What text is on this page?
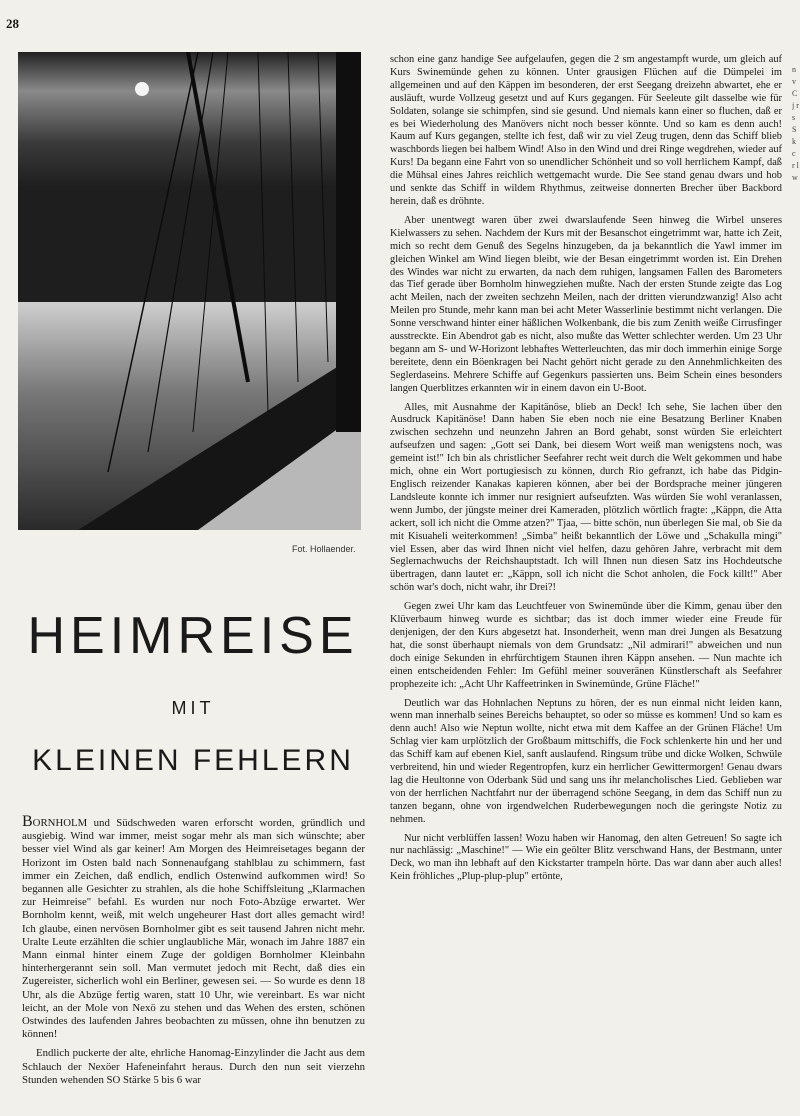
28
Fot. Hollaender.
HEIMREISE
MIT
KLEINEN FEHLERN

BORNHOLM und Südschweden waren erforscht worden, gründlich und ausgiebig. Wind war immer, meist sogar mehr als man sich wünschte; aber besser viel Wind als gar keiner! Am Morgen des Heimreisetages begann der Horizont im Osten bald nach Sonnenaufgang stahlblau zu schimmern, fast immer ein Zeichen, daß endlich, endlich Ostenwind aufkommen wird! So begannen alle Gesichter zu strahlen, als die hohe Schiffsleitung „Klarmachen zur Heimreise" befahl. Es wurden nur noch Foto-Abzüge erwartet. Wer Bornholm kennt, weiß, mit welch ungeheurer Hast dort alles gemacht wird! Ich glaube, einen nervösen Bornholmer gibt es seit tausend Jahren nicht mehr. Uralte Leute erzählten die schier unglaubliche Mär, wonach im Jahre 1887 ein Mann einmal hinter einem Zuge der goldigen Bornholmer Kleinbahn hinterhergerannt sein soll. Man vermutet jedoch mit Recht, daß dies ein Zugereister, sicherlich wohl ein Berliner, gewesen sei. — So wurde es denn 18 Uhr, als die Abzüge fertig waren, statt 10 Uhr, wie vereinbart. Es war nicht leicht, an der Mole von Nexö zu stehen und das Wehen des ersten, schönen Ostwindes des laufenden Jahres beobachten zu müssen, ohne ihn benutzen zu können!

Endlich puckerte der alte, ehrliche Hanomag-Einzylinder die Jacht aus dem Schlauch der Nexöer Hafeneinfahrt heraus. Durch den nun seit vierzehn Stunden wehenden SO Stärke 5 bis 6 war

schon eine ganz handige See aufgelaufen, gegen die 2 sm angestampft wurde, um gleich auf Kurs Swinemünde gehen zu können. Unter grausigen Flüchen auf die Dümpelei im allgemeinen und auf den Käppen im besonderen, der erst Seegang dreizehn abwartet, ehe er ausläuft, wurde Vollzeug gesetzt und auf Kurs gegangen. Für Seeleute gilt dasselbe wie für Soldaten, solange sie schimpfen, sind sie gesund. Und niemals kann einer so fluchen, daß er es bei Wiederholung des Manövers nicht noch besser könnte. Und so kam es denn auch! Kaum auf Kurs gegangen, stellte ich fest, daß wir zu viel Zeug trugen, denn das Schiff blieb waschbords liegen bei halbem Wind! Also in den Wind und drei Ringe wegdrehen, wieder auf Kurs! Da begann eine Fahrt von so unendlicher Schönheit und so voll herrlichem Kampf, daß die Mühsal eines Jahres reichlich wettgemacht wurde. Die See stand genau dwars und hob und senkte das Schiff in wildem Rhythmus, zeitweise donnerten Brecher über Backbord herein, daß es dröhnte.

Aber unentwegt waren über zwei dwarslaufende Seen hinweg die Wirbel unseres Kielwassers zu sehen. Nachdem der Kurs mit der Besanschot eingetrimmt war, hatte ich Zeit, mich so recht dem Genuß des Segelns hinzugeben, da ja bekanntlich die Yawl immer im gleichen Winkel am Wind liegen bleibt, wie der Besan eingetrimmt worden ist. Ein Drehen des Windes war nicht zu erwarten, da nach dem ruhigen, langsamen Fallen des Barometers das Tief gerade über Bornholm hinwegziehen mußte. Nach der ersten Stunde zeigte das Log acht Meilen, nach der zweiten sechzehn Meilen, nach der dritten vierundzwanzig! Also acht Meilen pro Stunde, mehr kann man bei acht Meter Wasserlinie bestimmt nicht verlangen. Die Sonne verschwand hinter einer häßlichen Wolkenbank, die bis zum Zenith weiße Cirrusfinger ausstreckte. Ein Abendrot gab es nicht, also mußte das Wetter schlechter werden. Um 23 Uhr begann am S- und W-Horizont lebhaftes Wetterleuchten, das mir doch immerhin einige Sorge bereitete, denn ein Böenkragen bei Nacht gehört nicht gerade zu den Annehmlichkeiten des Seglerdaseins. Mehrere Schiffe auf Gegenkurs passierten uns. Beim Schein eines besonders langen Querblitzes erkannten wir in einem davon ein U-Boot.

Alles, mit Ausnahme der Kapitänöse, blieb an Deck! Ich sehe, Sie lachen über den Ausdruck Kapitänöse! Dann haben Sie eben noch nie eine Besatzung Berliner Knaben zwischen sechzehn und neunzehn Jahren an Bord gehabt, sonst würden Sie erleichtert aufseufzen und sagen: „Gott sei Dank, bei diesem Wort weiß man wenigstens noch, was gemeint ist!" Ich bin als christlicher Seefahrer recht weit durch die Welt gekommen und habe mich, ohne ein Wort portugiesisch zu können, durch Rio gefranzt, ich habe das Pidgin-Englisch reizender Kanakas kapieren können, aber bei der Bordsprache meiner jüngeren Landsleute konnte ich immer nur resigniert aufseufzten. Was würden Sie wohl veranlassen, wenn Jumbo, der jüngste meiner drei Kameraden, plötzlich wörtlich fragte: „Käppn, die Atta ackert, soll ich nicht die Omme atzen?" Tjaa, — bitte schön, nun überlegen Sie mal, ob Sie da mit Kisuaheli weiterkommen! „Simba" heißt bekanntlich der Löwe und „Schakulla mingi" viel Essen, aber das wird Ihnen nicht viel helfen, dazu gehören Jahre, verbracht mit dem Seglernachwuchs der Reichshauptstadt. Ich will Ihnen nun diesen Satz ins Hochdeutsche übertragen, dann lautet er: „Käppn, soll ich nicht die Schot anholen, die Fock killt!" Aber schön war's doch, nicht wahr, ihr Drei?!

Gegen zwei Uhr kam das Leuchtfeuer von Swinemünde über die Kimm, genau über den Klüverbaum hinweg wurde es sichtbar; das ist doch immer wieder eine Freude für denjenigen, der den Kurs abgesetzt hat. Insonderheit, wenn man drei Jungen als Besatzung hat, die sonst überhaupt niemals von dem Grundsatz: „Nil admirari!" abweichen und nun doch einige Sekunden in ehrfürchtigem Staunen ihren Käppn ansehen. — Nun machte ich einen entscheidenden Fehler: Im Gefühl meiner souveränen Künstlerschaft als Seefahrer prophezeite ich: „Acht Uhr Kaffeetrinken in Swinemünde, Grüne Fläche!"

Deutlich war das Hohnlachen Neptuns zu hören, der es nun einmal nicht leiden kann, wenn man innerhalb seines Bereichs behauptet, so oder so müsse es kommen! Und so kam es denn auch! Also wie Neptun wollte, nicht etwa mit dem Kaffee an der Grünen Fläche! Um Schlag vier kam urplötzlich der Großbaum mittschiffs, die Fock schlenkerte hin und her und das Schiff kam auf ebenen Kiel, sanft auslaufend. Ringsum trübe und dicke Wolken, Schwüle verbreitend, hin und wieder Regentropfen, kurz ein herrlicher Gewittermorgen! Genau dwars lag die Heultonne von Oderbank Süd und sang uns ihr melancholisches Lied. Geblieben war von der herrlichen Nachtfahrt nur der überragend schöne Seegang, in dem das Schiff nun zu tanzen begann, ohne von irgendwelchen Ruderbewegungen noch die geringste Notiz zu nehmen.

Nur nicht verblüffen lassen! Wozu haben wir Hanomag, den alten Getreuen! So sagte ich nur nachlässig: „Maschine!" — Wie ein geölter Blitz verschwand Hans, der Bestmann, unter Deck, wo man ihn lebhaft auf den Kickstarter trampeln hörte. Das war dann aber auch alles! Kein fröhliches „Plup-plup-plup" ertönte,

n v C j r s S k c r l w
